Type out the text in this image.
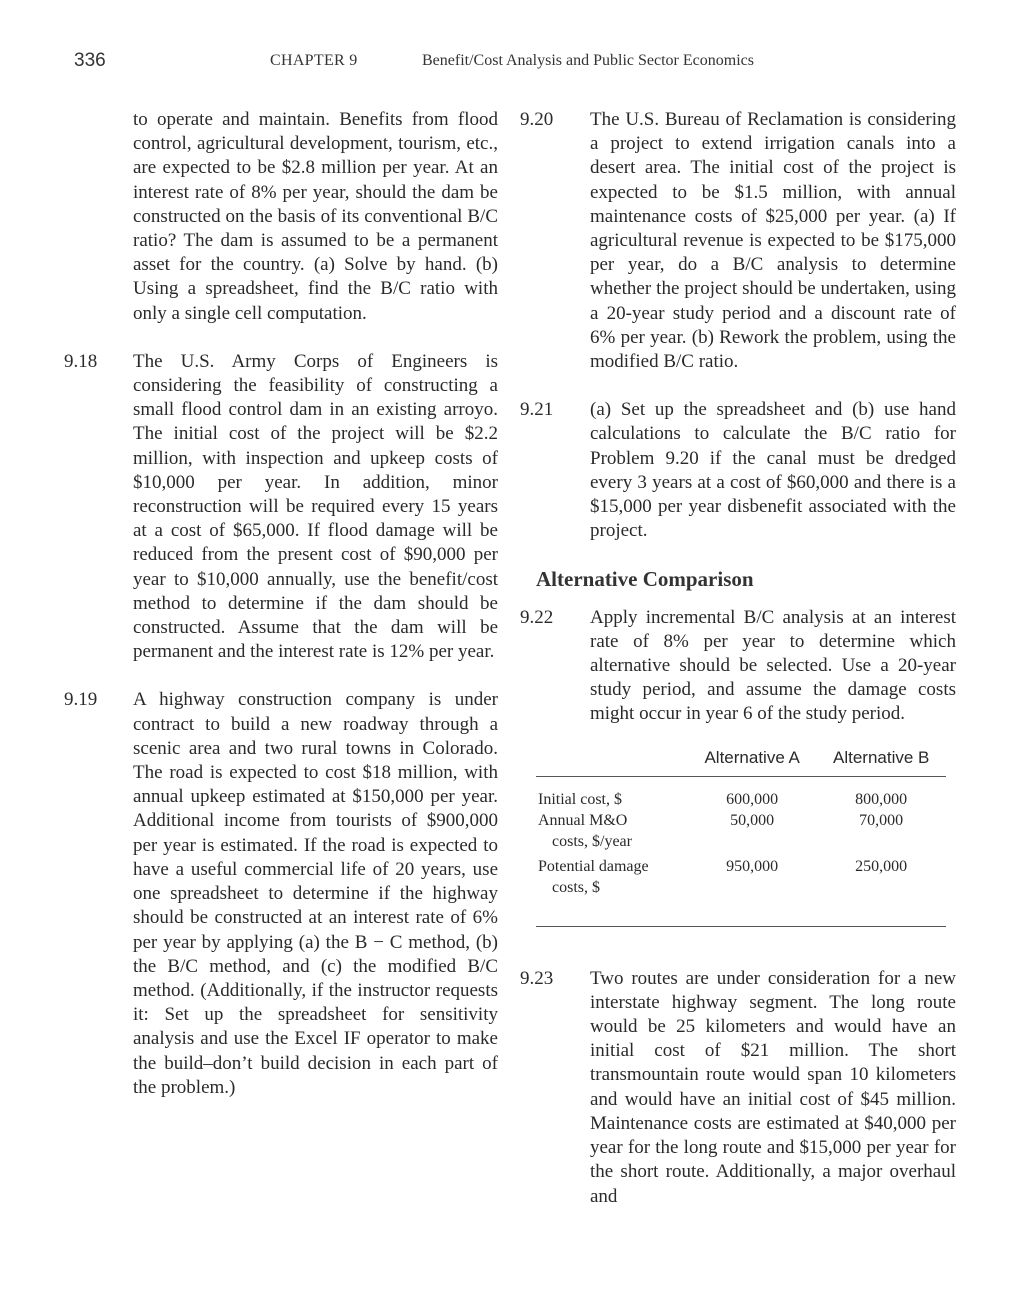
336	CHAPTER 9	Benefit/Cost Analysis and Public Sector Economics

to operate and maintain. Benefits from flood control, agricultural development, tourism, etc., are expected to be $2.8 million per year. At an interest rate of 8% per year, should the dam be constructed on the basis of its conventional B/C ratio? The dam is assumed to be a permanent asset for the country. (a) Solve by hand. (b) Using a spreadsheet, find the B/C ratio with only a single cell computation.

9.18 The U.S. Army Corps of Engineers is considering the feasibility of constructing a small flood control dam in an existing arroyo. The initial cost of the project will be $2.2 million, with inspection and upkeep costs of $10,000 per year. In addition, minor reconstruction will be required every 15 years at a cost of $65,000. If flood damage will be reduced from the present cost of $90,000 per year to $10,000 annually, use the benefit/cost method to determine if the dam should be constructed. Assume that the dam will be permanent and the interest rate is 12% per year.
9.19 A highway construction company is under contract to build a new roadway through a scenic area and two rural towns in Colorado. The road is expected to cost $18 million, with annual upkeep estimated at $150,000 per year. Additional income from tourists of $900,000 per year is estimated. If the road is expected to have a useful commercial life of 20 years, use one spreadsheet to determine if the highway should be constructed at an interest rate of 6% per year by applying (a) the B − C method, (b) the B/C method, and (c) the modified B/C method. (Additionally, if the instructor requests it: Set up the spreadsheet for sensitivity analysis and use the Excel IF operator to make the build–don’t build decision in each part of the problem.)
9.20 The U.S. Bureau of Reclamation is considering a project to extend irrigation canals into a desert area. The initial cost of the project is expected to be $1.5 million, with annual maintenance costs of $25,000 per year. (a) If agricultural revenue is expected to be $175,000 per year, do a B/C analysis to determine whether the project should be undertaken, using a 20-year study period and a discount rate of 6% per year. (b) Rework the problem, using the modified B/C ratio.
9.21 (a) Set up the spreadsheet and (b) use hand calculations to calculate the B/C ratio for Problem 9.20 if the canal must be dredged every 3 years at a cost of $60,000 and there is a $15,000 per year disbenefit associated with the project.
Alternative Comparison
9.22 Apply incremental B/C analysis at an interest rate of 8% per year to determine which alternative should be selected. Use a 20-year study period, and assume the damage costs might occur in year 6 of the study period.
	Alternative A	Alternative B
Initial cost, $	600,000	800,000
Annual M&O
costs, $/year	50,000	70,000
Potential damage
costs, $	950,000	250,000
9.23 Two routes are under consideration for a new interstate highway segment. The long route would be 25 kilometers and would have an initial cost of $21 million. The short transmountain route would span 10 kilometers and would have an initial cost of $45 million. Maintenance costs are estimated at $40,000 per year for the long route and $15,000 per year for the short route. Additionally, a major overhaul and
